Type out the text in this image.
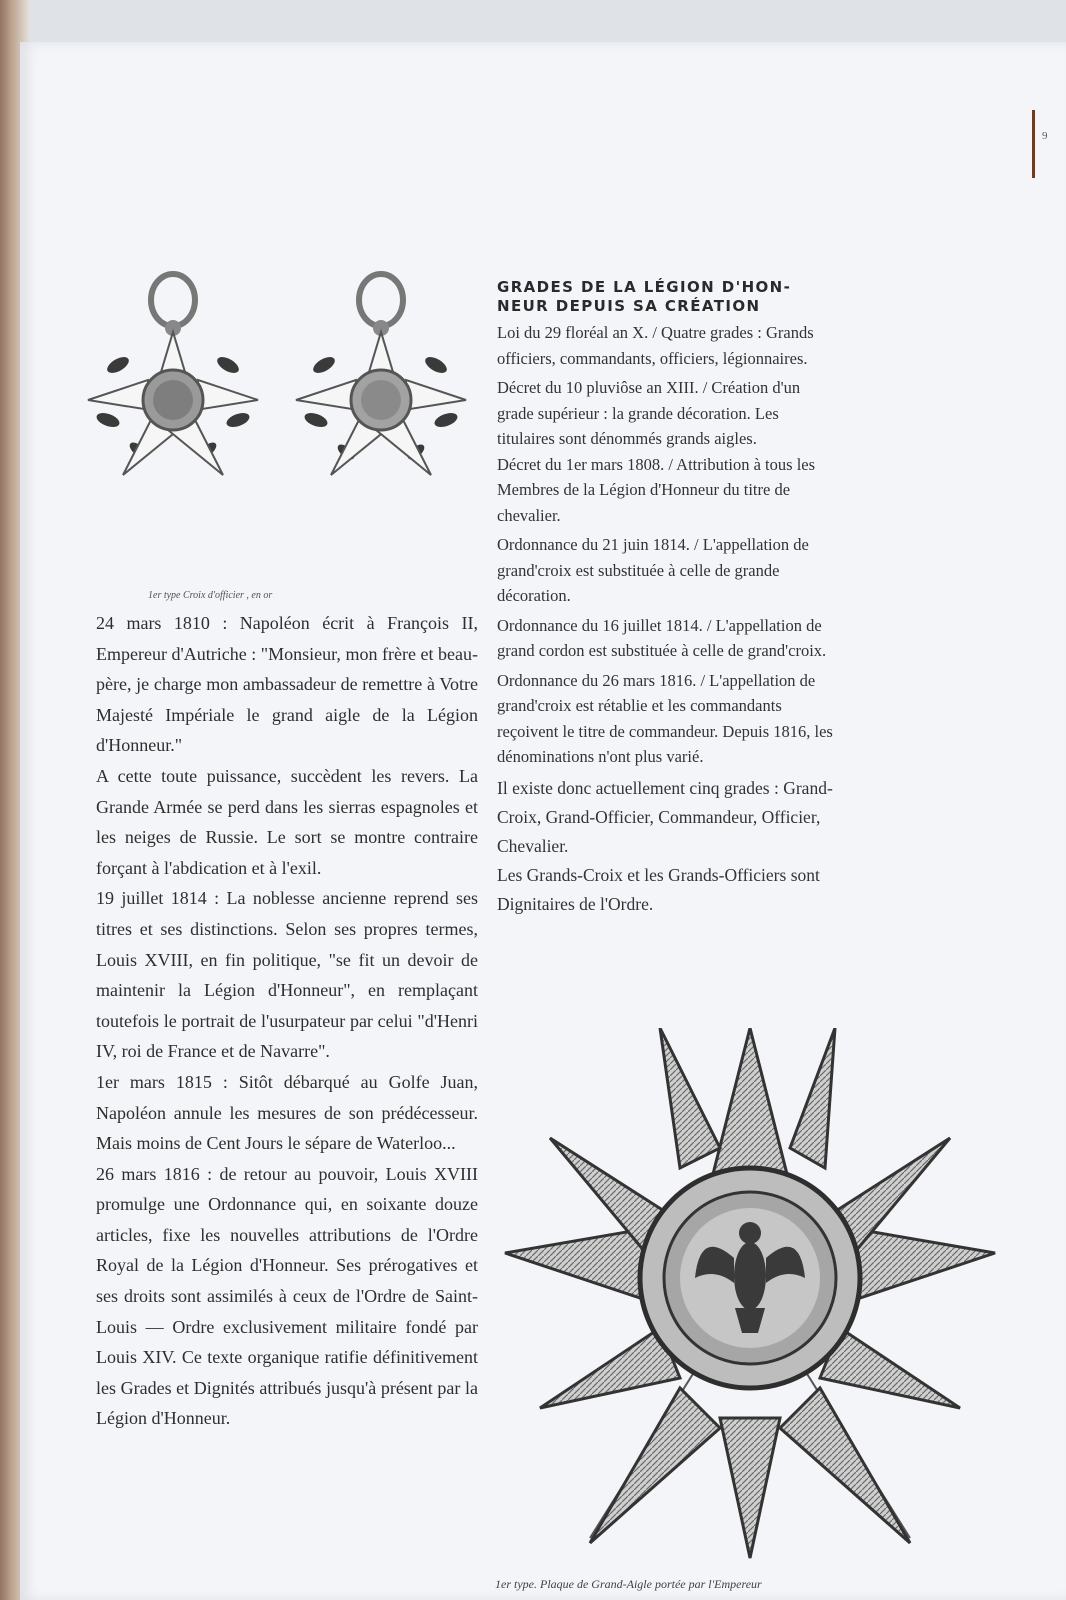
9
1er type Croix d'officier , en or

24 mars 1810 : Napoléon écrit à François II, Empereur d'Autriche : "Monsieur, mon frère et beau-père, je charge mon ambassadeur de remettre à Votre Majesté Impériale le grand aigle de la Légion d'Honneur."

A cette toute puissance, succèdent les revers. La Grande Armée se perd dans les sierras espagnoles et les neiges de Russie. Le sort se montre contraire forçant à l'abdication et à l'exil.

19 juillet 1814 : La noblesse ancienne reprend ses titres et ses distinctions. Selon ses propres termes, Louis XVIII, en fin politique, "se fit un devoir de maintenir la Légion d'Honneur", en remplaçant toutefois le portrait de l'usurpateur par celui "d'Henri IV, roi de France et de Navarre".

1er mars 1815 : Sitôt débarqué au Golfe Juan, Napoléon annule les mesures de son prédécesseur. Mais moins de Cent Jours le sépare de Waterloo...

26 mars 1816 : de retour au pouvoir, Louis XVIII promulge une Ordonnance qui, en soixante douze articles, fixe les nouvelles attributions de l'Ordre Royal de la Légion d'Honneur. Ses prérogatives et ses droits sont assimilés à ceux de l'Ordre de Saint-Louis — Ordre exclusivement militaire fondé par Louis XIV. Ce texte organique ratifie définitivement les Grades et Dignités attribués jusqu'à présent par la Légion d'Honneur.

GRADES DE LA LÉGION D'HON-
NEUR DEPUIS SA CRÉATION

Loi du 29 floréal an X. / Quatre grades : Grands officiers, commandants, officiers, légionnaires.

Décret du 10 pluviôse an XIII. / Création d'un grade supérieur : la grande décoration. Les titulaires sont dénommés grands aigles.

Décret du 1er mars 1808. / Attribution à tous les Membres de la Légion d'Honneur du titre de chevalier.

Ordonnance du 21 juin 1814. / L'appellation de grand'croix est substituée à celle de grande décoration.

Ordonnance du 16 juillet 1814. / L'appellation de grand cordon est substituée à celle de grand'croix.

Ordonnance du 26 mars 1816. / L'appellation de grand'croix est rétablie et les commandants reçoivent le titre de commandeur. Depuis 1816, les dénominations n'ont plus varié.

Il existe donc actuellement cinq grades : Grand-Croix, Grand-Officier, Commandeur, Officier, Chevalier.

Les Grands-Croix et les Grands-Officiers sont Dignitaires de l'Ordre.

1er type. Plaque de Grand-Aigle portée par l'Empereur
